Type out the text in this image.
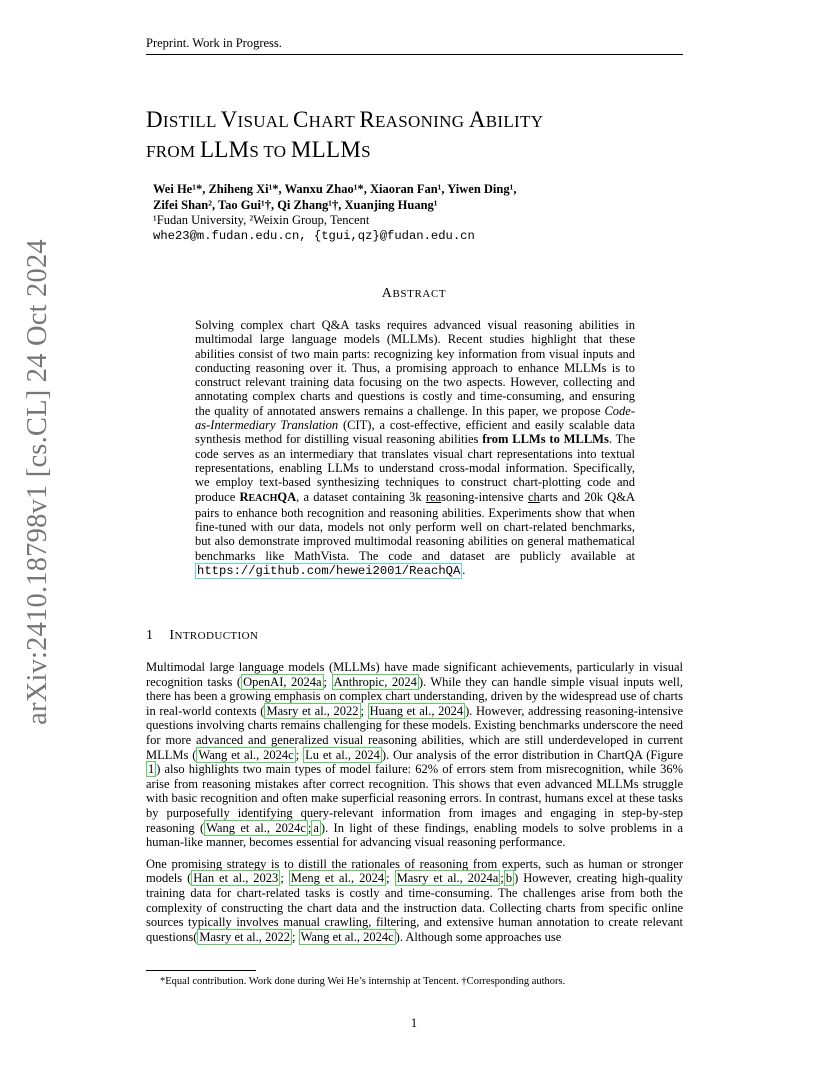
Preprint. Work in Progress.
arXiv:2410.18798v1 [cs.CL] 24 Oct 2024
DISTILL VISUAL CHART REASONING ABILITY
FROM LLMS TO MLLMS
Wei He¹*, Zhiheng Xi¹*, Wanxu Zhao¹*, Xiaoran Fan¹, Yiwen Ding¹,
Zifei Shan², Tao Gui¹†, Qi Zhang¹†, Xuanjing Huang¹
¹Fudan University, ²Weixin Group, Tencent
whe23@m.fudan.edu.cn, {tgui,qz}@fudan.edu.cn
ABSTRACT

Solving complex chart Q&A tasks requires advanced visual reasoning abilities in multimodal large language models (MLLMs). Recent studies highlight that these abilities consist of two main parts: recognizing key information from visual inputs and conducting reasoning over it. Thus, a promising approach to enhance MLLMs is to construct relevant training data focusing on the two aspects. However, collecting and annotating complex charts and questions is costly and time-consuming, and ensuring the quality of annotated answers remains a challenge. In this paper, we propose Code-as-Intermediary Translation (CIT), a cost-effective, efficient and easily scalable data synthesis method for distilling visual reasoning abilities from LLMs to MLLMs. The code serves as an intermediary that translates visual chart representations into textual representations, enabling LLMs to understand cross-modal information. Specifically, we employ text-based synthesizing techniques to construct chart-plotting code and produce REACHQA, a dataset containing 3k reasoning-intensive charts and 20k Q&A pairs to enhance both recognition and reasoning abilities. Experiments show that when fine-tuned with our data, models not only perform well on chart-related benchmarks, but also demonstrate improved multimodal reasoning abilities on general mathematical benchmarks like MathVista. The code and dataset are publicly available at https://github.com/hewei2001/ReachQA .

1 INTRODUCTION

Multimodal large language models (MLLMs) have made significant achievements, particularly in visual recognition tasks ( OpenAI, 2024a ; Anthropic, 2024 ). While they can handle simple visual inputs well, there has been a growing emphasis on complex chart understanding, driven by the widespread use of charts in real-world contexts ( Masry et al., 2022 ; Huang et al., 2024 ). However, addressing reasoning-intensive questions involving charts remains challenging for these models. Existing benchmarks underscore the need for more advanced and generalized visual reasoning abilities, which are still underdeveloped in current MLLMs ( Wang et al., 2024c ; Lu et al., 2024 ). Our analysis of the error distribution in ChartQA (Figure 1 ) also highlights two main types of model failure: 62% of errors stem from misrecognition, while 36% arise from reasoning mistakes after correct recognition. This shows that even advanced MLLMs struggle with basic recognition and often make superficial reasoning errors. In contrast, humans excel at these tasks by purposefully identifying query-relevant information from images and engaging in step-by-step reasoning ( Wang et al., 2024c ; a ). In light of these findings, enabling models to solve problems in a human-like manner, becomes essential for advancing visual reasoning performance.

One promising strategy is to distill the rationales of reasoning from experts, such as human or stronger models ( Han et al., 2023 ; Meng et al., 2024 ; Masry et al., 2024a ; b ) However, creating high-quality training data for chart-related tasks is costly and time-consuming. The challenges arise from both the complexity of constructing the chart data and the instruction data. Collecting charts from specific online sources typically involves manual crawling, filtering, and extensive human annotation to create relevant questions( Masry et al., 2022 ; Wang et al., 2024c ). Although some approaches use

*Equal contribution. Work done during Wei He’s internship at Tencent. †Corresponding authors.
1
